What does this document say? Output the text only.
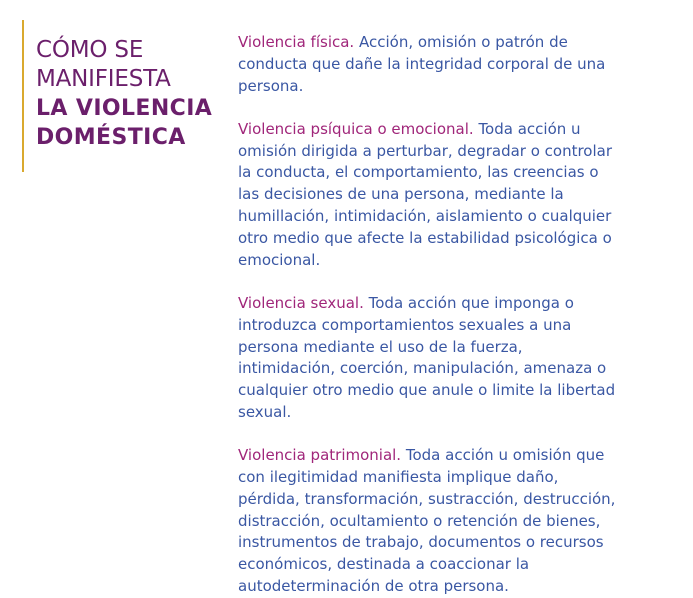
CÓMO SE
MANIFIESTA
LA VIOLENCIA
DOMÉSTICA

Violencia física. Acción, omisión o patrón de conducta que dañe la integridad corporal de una persona.

Violencia psíquica o emocional. Toda acción u omisión dirigida a perturbar, degradar o controlar la conducta, el comportamiento, las creencias o las decisiones de una persona, mediante la humillación, intimidación, aislamiento o cualquier otro medio que afecte la estabilidad psicológica o emocional.

Violencia sexual. Toda acción que imponga o introduzca comportamientos sexuales a una persona mediante el uso de la fuerza, intimidación, coerción, manipulación, amenaza o cualquier otro medio que anule o limite la libertad sexual.

Violencia patrimonial. Toda acción u omisión que con ilegitimidad manifiesta implique daño, pérdida, transformación, sustracción, destrucción, distracción, ocultamiento o retención de bienes, instrumentos de trabajo, documentos o recursos económicos, destinada a coaccionar la autodeterminación de otra persona.
